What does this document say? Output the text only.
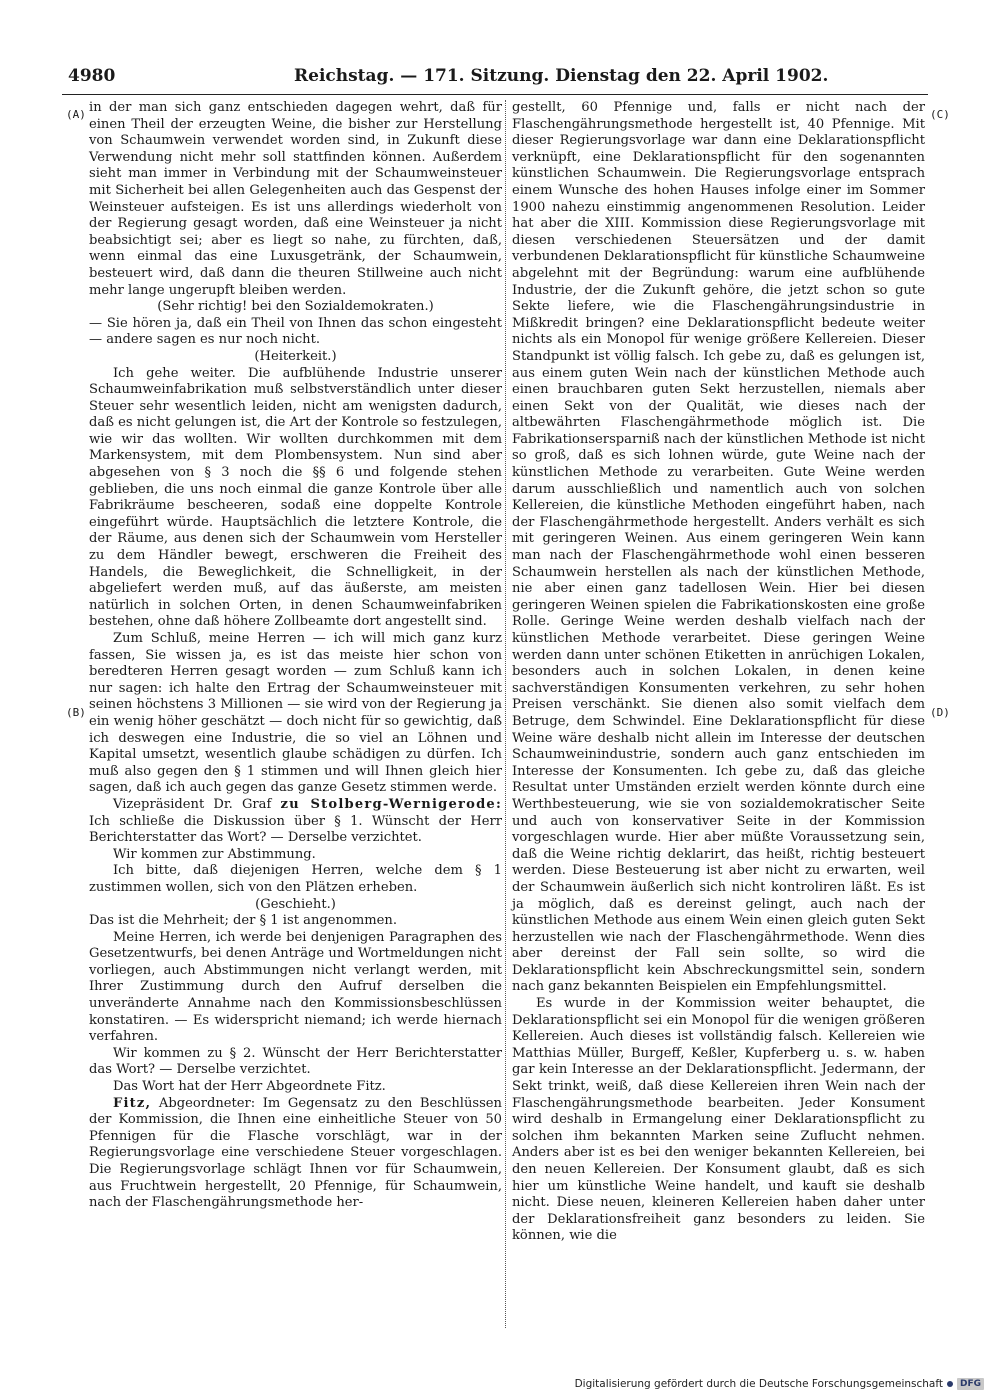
4980	Reichstag. — 171. Sitzung. Dienstag den 22. April 1902.
(A)
(B)
(C)
(D)

in der man sich ganz entschieden dagegen wehrt, daß für einen Theil der erzeugten Weine, die bisher zur Herstellung von Schaumwein verwendet worden sind, in Zukunft diese Verwendung nicht mehr soll stattfinden können. Außerdem sieht man immer in Verbindung mit der Schaumweinsteuer mit Sicherheit bei allen Gelegenheiten auch das Gespenst der Weinsteuer aufsteigen. Es ist uns allerdings wiederholt von der Regierung gesagt worden, daß eine Weinsteuer ja nicht beabsichtigt sei; aber es liegt so nahe, zu fürchten, daß, wenn einmal das eine Luxusgetränk, der Schaumwein, besteuert wird, daß dann die theuren Stillweine auch nicht mehr lange ungerupft bleiben werden.

(Sehr richtig! bei den Sozialdemokraten.)

— Sie hören ja, daß ein Theil von Ihnen das schon eingesteht — andere sagen es nur noch nicht.

(Heiterkeit.)

Ich gehe weiter. Die aufblühende Industrie unserer Schaumweinfabrikation muß selbstverständlich unter dieser Steuer sehr wesentlich leiden, nicht am wenigsten dadurch, daß es nicht gelungen ist, die Art der Kontrole so festzulegen, wie wir das wollten. Wir wollten durchkommen mit dem Markensystem, mit dem Plombensystem. Nun sind aber abgesehen von § 3 noch die §§ 6 und folgende stehen geblieben, die uns noch einmal die ganze Kontrole über alle Fabrikräume bescheeren, sodaß eine doppelte Kontrole eingeführt würde. Hauptsächlich die letztere Kontrole, die der Räume, aus denen sich der Schaumwein vom Hersteller zu dem Händler bewegt, erschweren die Freiheit des Handels, die Beweglichkeit, die Schnelligkeit, in der abgeliefert werden muß, auf das äußerste, am meisten natürlich in solchen Orten, in denen Schaumweinfabriken bestehen, ohne daß höhere Zollbeamte dort angestellt sind.

Zum Schluß, meine Herren — ich will mich ganz kurz fassen, Sie wissen ja, es ist das meiste hier schon von beredteren Herren gesagt worden — zum Schluß kann ich nur sagen: ich halte den Ertrag der Schaumweinsteuer mit seinen höchstens 3 Millionen — sie wird von der Regierung ja ein wenig höher geschätzt — doch nicht für so gewichtig, daß ich deswegen eine Industrie, die so viel an Löhnen und Kapital umsetzt, wesentlich glaube schädigen zu dürfen. Ich muß also gegen den § 1 stimmen und will Ihnen gleich hier sagen, daß ich auch gegen das ganze Gesetz stimmen werde.

Vizepräsident Dr. Graf zu Stolberg-Wernigerode: Ich schließe die Diskussion über § 1. Wünscht der Herr Berichterstatter das Wort? — Derselbe verzichtet.

Wir kommen zur Abstimmung.

Ich bitte, daß diejenigen Herren, welche dem § 1 zustimmen wollen, sich von den Plätzen erheben.

(Geschieht.)

Das ist die Mehrheit; der § 1 ist angenommen.

Meine Herren, ich werde bei denjenigen Paragraphen des Gesetzentwurfs, bei denen Anträge und Wortmeldungen nicht vorliegen, auch Abstimmungen nicht verlangt werden, mit Ihrer Zustimmung durch den Aufruf derselben die unveränderte Annahme nach den Kommissionsbeschlüssen konstatiren. — Es widerspricht niemand; ich werde hiernach verfahren.

Wir kommen zu § 2. Wünscht der Herr Berichterstatter das Wort? — Derselbe verzichtet.

Das Wort hat der Herr Abgeordnete Fitz.

Fitz, Abgeordneter: Im Gegensatz zu den Beschlüssen der Kommission, die Ihnen eine einheitliche Steuer von 50 Pfennigen für die Flasche vorschlägt, war in der Regierungsvorlage eine verschiedene Steuer vorgeschlagen. Die Regierungsvorlage schlägt Ihnen vor für Schaumwein, aus Fruchtwein hergestellt, 20 Pfennige, für Schaumwein, nach der Flaschengährungsmethode her-

gestellt, 60 Pfennige und, falls er nicht nach der Flaschengährungsmethode hergestellt ist, 40 Pfennige. Mit dieser Regierungsvorlage war dann eine Deklarationspflicht verknüpft, eine Deklarationspflicht für den sogenannten künstlichen Schaumwein. Die Regierungsvorlage entsprach einem Wunsche des hohen Hauses infolge einer im Sommer 1900 nahezu einstimmig angenommenen Resolution. Leider hat aber die XIII. Kommission diese Regierungsvorlage mit diesen verschiedenen Steuersätzen und der damit verbundenen Deklarationspflicht für künstliche Schaumweine abgelehnt mit der Begründung: warum eine aufblühende Industrie, der die Zukunft gehöre, die jetzt schon so gute Sekte liefere, wie die Flaschengährungsindustrie in Mißkredit bringen? eine Deklarationspflicht bedeute weiter nichts als ein Monopol für wenige größere Kellereien. Dieser Standpunkt ist völlig falsch. Ich gebe zu, daß es gelungen ist, aus einem guten Wein nach der künstlichen Methode auch einen brauchbaren guten Sekt herzustellen, niemals aber einen Sekt von der Qualität, wie dieses nach der altbewährten Flaschengährmethode möglich ist. Die Fabrikationsersparniß nach der künstlichen Methode ist nicht so groß, daß es sich lohnen würde, gute Weine nach der künstlichen Methode zu verarbeiten. Gute Weine werden darum ausschließlich und namentlich auch von solchen Kellereien, die künstliche Methoden eingeführt haben, nach der Flaschengährmethode hergestellt. Anders verhält es sich mit geringeren Weinen. Aus einem geringeren Wein kann man nach der Flaschengährmethode wohl einen besseren Schaumwein herstellen als nach der künstlichen Methode, nie aber einen ganz tadellosen Wein. Hier bei diesen geringeren Weinen spielen die Fabrikationskosten eine große Rolle. Geringe Weine werden deshalb vielfach nach der künstlichen Methode verarbeitet. Diese geringen Weine werden dann unter schönen Etiketten in anrüchigen Lokalen, besonders auch in solchen Lokalen, in denen keine sachverständigen Konsumenten verkehren, zu sehr hohen Preisen verschänkt. Sie dienen also somit vielfach dem Betruge, dem Schwindel. Eine Deklarationspflicht für diese Weine wäre deshalb nicht allein im Interesse der deutschen Schaumweinindustrie, sondern auch ganz entschieden im Interesse der Konsumenten. Ich gebe zu, daß das gleiche Resultat unter Umständen erzielt werden könnte durch eine Werthbesteuerung, wie sie von sozialdemokratischer Seite und auch von konservativer Seite in der Kommission vorgeschlagen wurde. Hier aber müßte Voraussetzung sein, daß die Weine richtig deklarirt, das heißt, richtig besteuert werden. Diese Besteuerung ist aber nicht zu erwarten, weil der Schaumwein äußerlich sich nicht kontroliren läßt. Es ist ja möglich, daß es dereinst gelingt, auch nach der künstlichen Methode aus einem Wein einen gleich guten Sekt herzustellen wie nach der Flaschengährmethode. Wenn dies aber dereinst der Fall sein sollte, so wird die Deklarationspflicht kein Abschreckungsmittel sein, sondern nach ganz bekannten Beispielen ein Empfehlungsmittel.

Es wurde in der Kommission weiter behauptet, die Deklarationspflicht sei ein Monopol für die wenigen größeren Kellereien. Auch dieses ist vollständig falsch. Kellereien wie Matthias Müller, Burgeff, Keßler, Kupferberg u. s. w. haben gar kein Interesse an der Deklarationspflicht. Jedermann, der Sekt trinkt, weiß, daß diese Kellereien ihren Wein nach der Flaschengährungsmethode bearbeiten. Jeder Konsument wird deshalb in Ermangelung einer Deklarationspflicht zu solchen ihm bekannten Marken seine Zuflucht nehmen. Anders aber ist es bei den weniger bekannten Kellereien, bei den neuen Kellereien. Der Konsument glaubt, daß es sich hier um künstliche Weine handelt, und kauft sie deshalb nicht. Diese neuen, kleineren Kellereien haben daher unter der Deklarationsfreiheit ganz besonders zu leiden. Sie können, wie die

Digitalisierung gefördert durch die Deutsche Forschungsgemeinschaft	DFG
